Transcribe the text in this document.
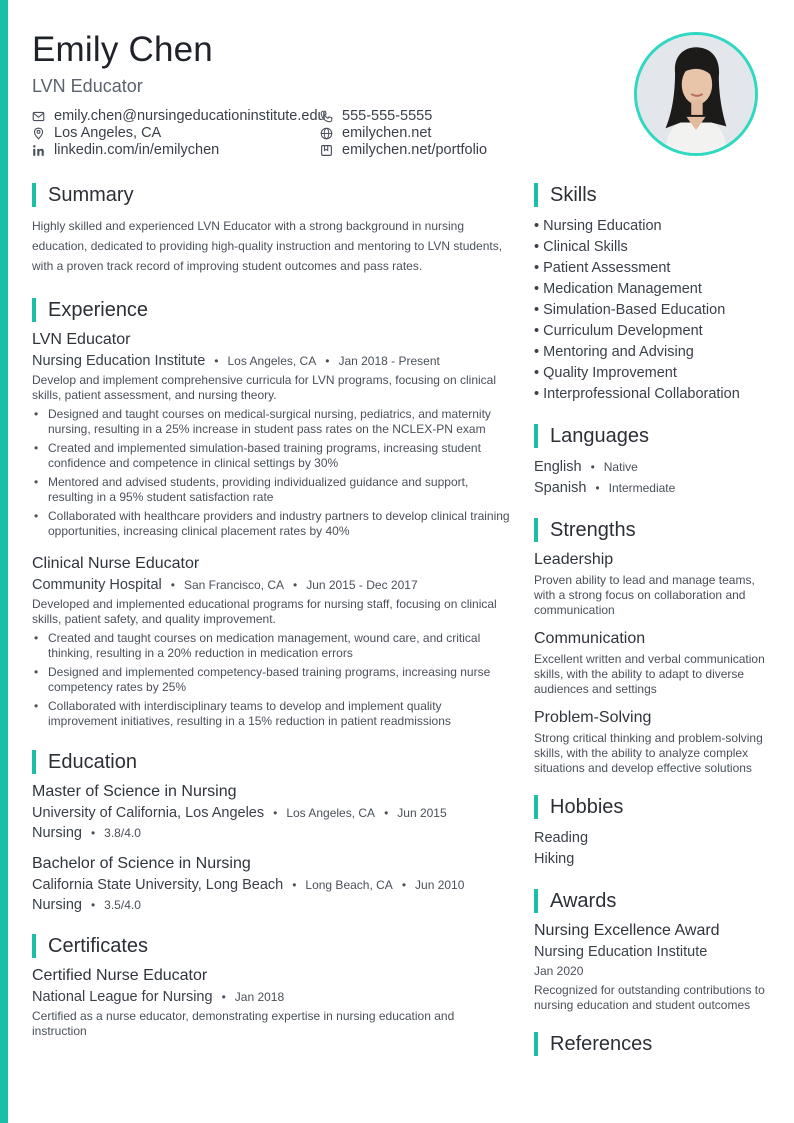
Emily Chen
LVN Educator
emily.chen@nursingeducationinstitute.edu 555-555-5555
Los Angeles, CA	emilychen.net
linkedin.com/in/emilychen	emilychen.net/portfolio
Summary
Highly skilled and experienced LVN Educator with a strong background in nursing education, dedicated to providing high-quality instruction and mentoring to LVN students, with a proven track record of improving student outcomes and pass rates.
Experience
LVN Educator
Nursing Education Institute • Los Angeles, CA • Jan 2018 - Present
Develop and implement comprehensive curricula for LVN programs, focusing on clinical skills, patient assessment, and nursing theory.
• Designed and taught courses on medical-surgical nursing, pediatrics, and maternity nursing, resulting in a 25% increase in student pass rates on the NCLEX-PN exam
• Created and implemented simulation-based training programs, increasing student confidence and competence in clinical settings by 30%
• Mentored and advised students, providing individualized guidance and support, resulting in a 95% student satisfaction rate
• Collaborated with healthcare providers and industry partners to develop clinical training opportunities, increasing clinical placement rates by 40%
Clinical Nurse Educator
Community Hospital • San Francisco, CA • Jun 2015 - Dec 2017
Developed and implemented educational programs for nursing staff, focusing on clinical skills, patient safety, and quality improvement.
• Created and taught courses on medication management, wound care, and critical thinking, resulting in a 20% reduction in medication errors
• Designed and implemented competency-based training programs, increasing nurse competency rates by 25%
• Collaborated with interdisciplinary teams to develop and implement quality improvement initiatives, resulting in a 15% reduction in patient readmissions
Education
Master of Science in Nursing
University of California, Los Angeles • Los Angeles, CA • Jun 2015
Nursing • 3.8/4.0
Bachelor of Science in Nursing
California State University, Long Beach • Long Beach, CA • Jun 2010
Nursing • 3.5/4.0
Certificates
Certified Nurse Educator
National League for Nursing • Jan 2018
Certified as a nurse educator, demonstrating expertise in nursing education and instruction
Skills
• Nursing Education
• Clinical Skills
• Patient Assessment
• Medication Management
• Simulation-Based Education
• Curriculum Development
• Mentoring and Advising
• Quality Improvement
• Interprofessional Collaboration
Languages
English • Native
Spanish • Intermediate
Strengths
Leadership
Proven ability to lead and manage teams, with a strong focus on collaboration and communication
Communication
Excellent written and verbal communication skills, with the ability to adapt to diverse audiences and settings
Problem-Solving
Strong critical thinking and problem-solving skills, with the ability to analyze complex situations and develop effective solutions
Hobbies
Reading
Hiking
Awards
Nursing Excellence Award
Nursing Education Institute
Jan 2020
Recognized for outstanding contributions to nursing education and student outcomes
References
